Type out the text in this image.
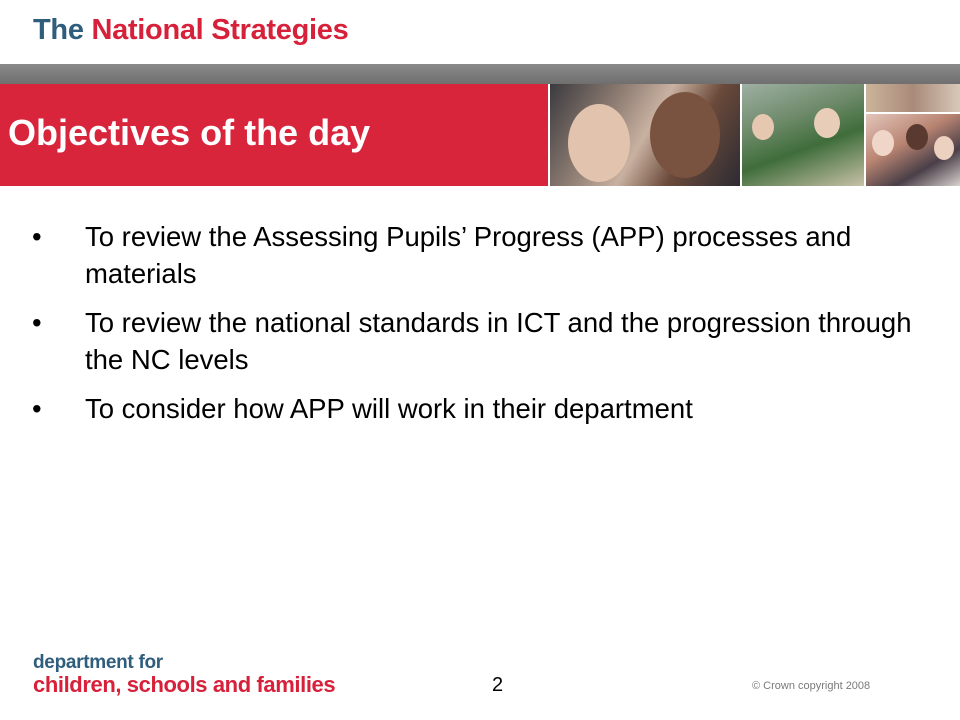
The National Strategies
Objectives of the day
• To review the Assessing Pupils’ Progress (APP) processes and materials
• To review the national standards in ICT and the progression through the NC levels
• To consider how APP will work in their department
department for
children, schools and families	2	© Crown copyright 2008
